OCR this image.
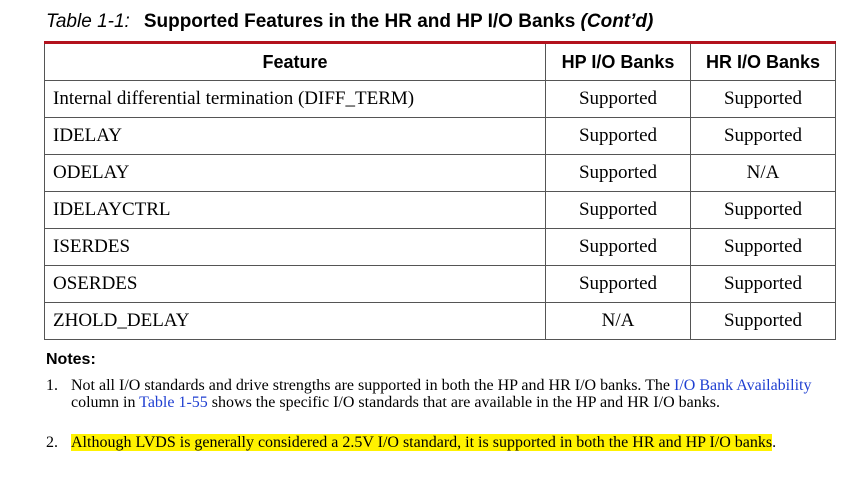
Table 1-1: Supported Features in the HR and HP I/O Banks (Cont’d)
Feature	HP I/O Banks	HR I/O Banks
Internal differential termination (DIFF_TERM)	Supported	Supported
IDELAY	Supported	Supported
ODELAY	Supported	N/A
IDELAYCTRL	Supported	Supported
ISERDES	Supported	Supported
OSERDES	Supported	Supported
ZHOLD_DELAY	N/A	Supported
Notes:
1. Not all I/O standards and drive strengths are supported in both the HP and HR I/O banks. The I/O Bank Availability column in Table 1-55 shows the specific I/O standards that are available in the HP and HR I/O banks.
2. Although LVDS is generally considered a 2.5V I/O standard, it is supported in both the HR and HP I/O banks.
